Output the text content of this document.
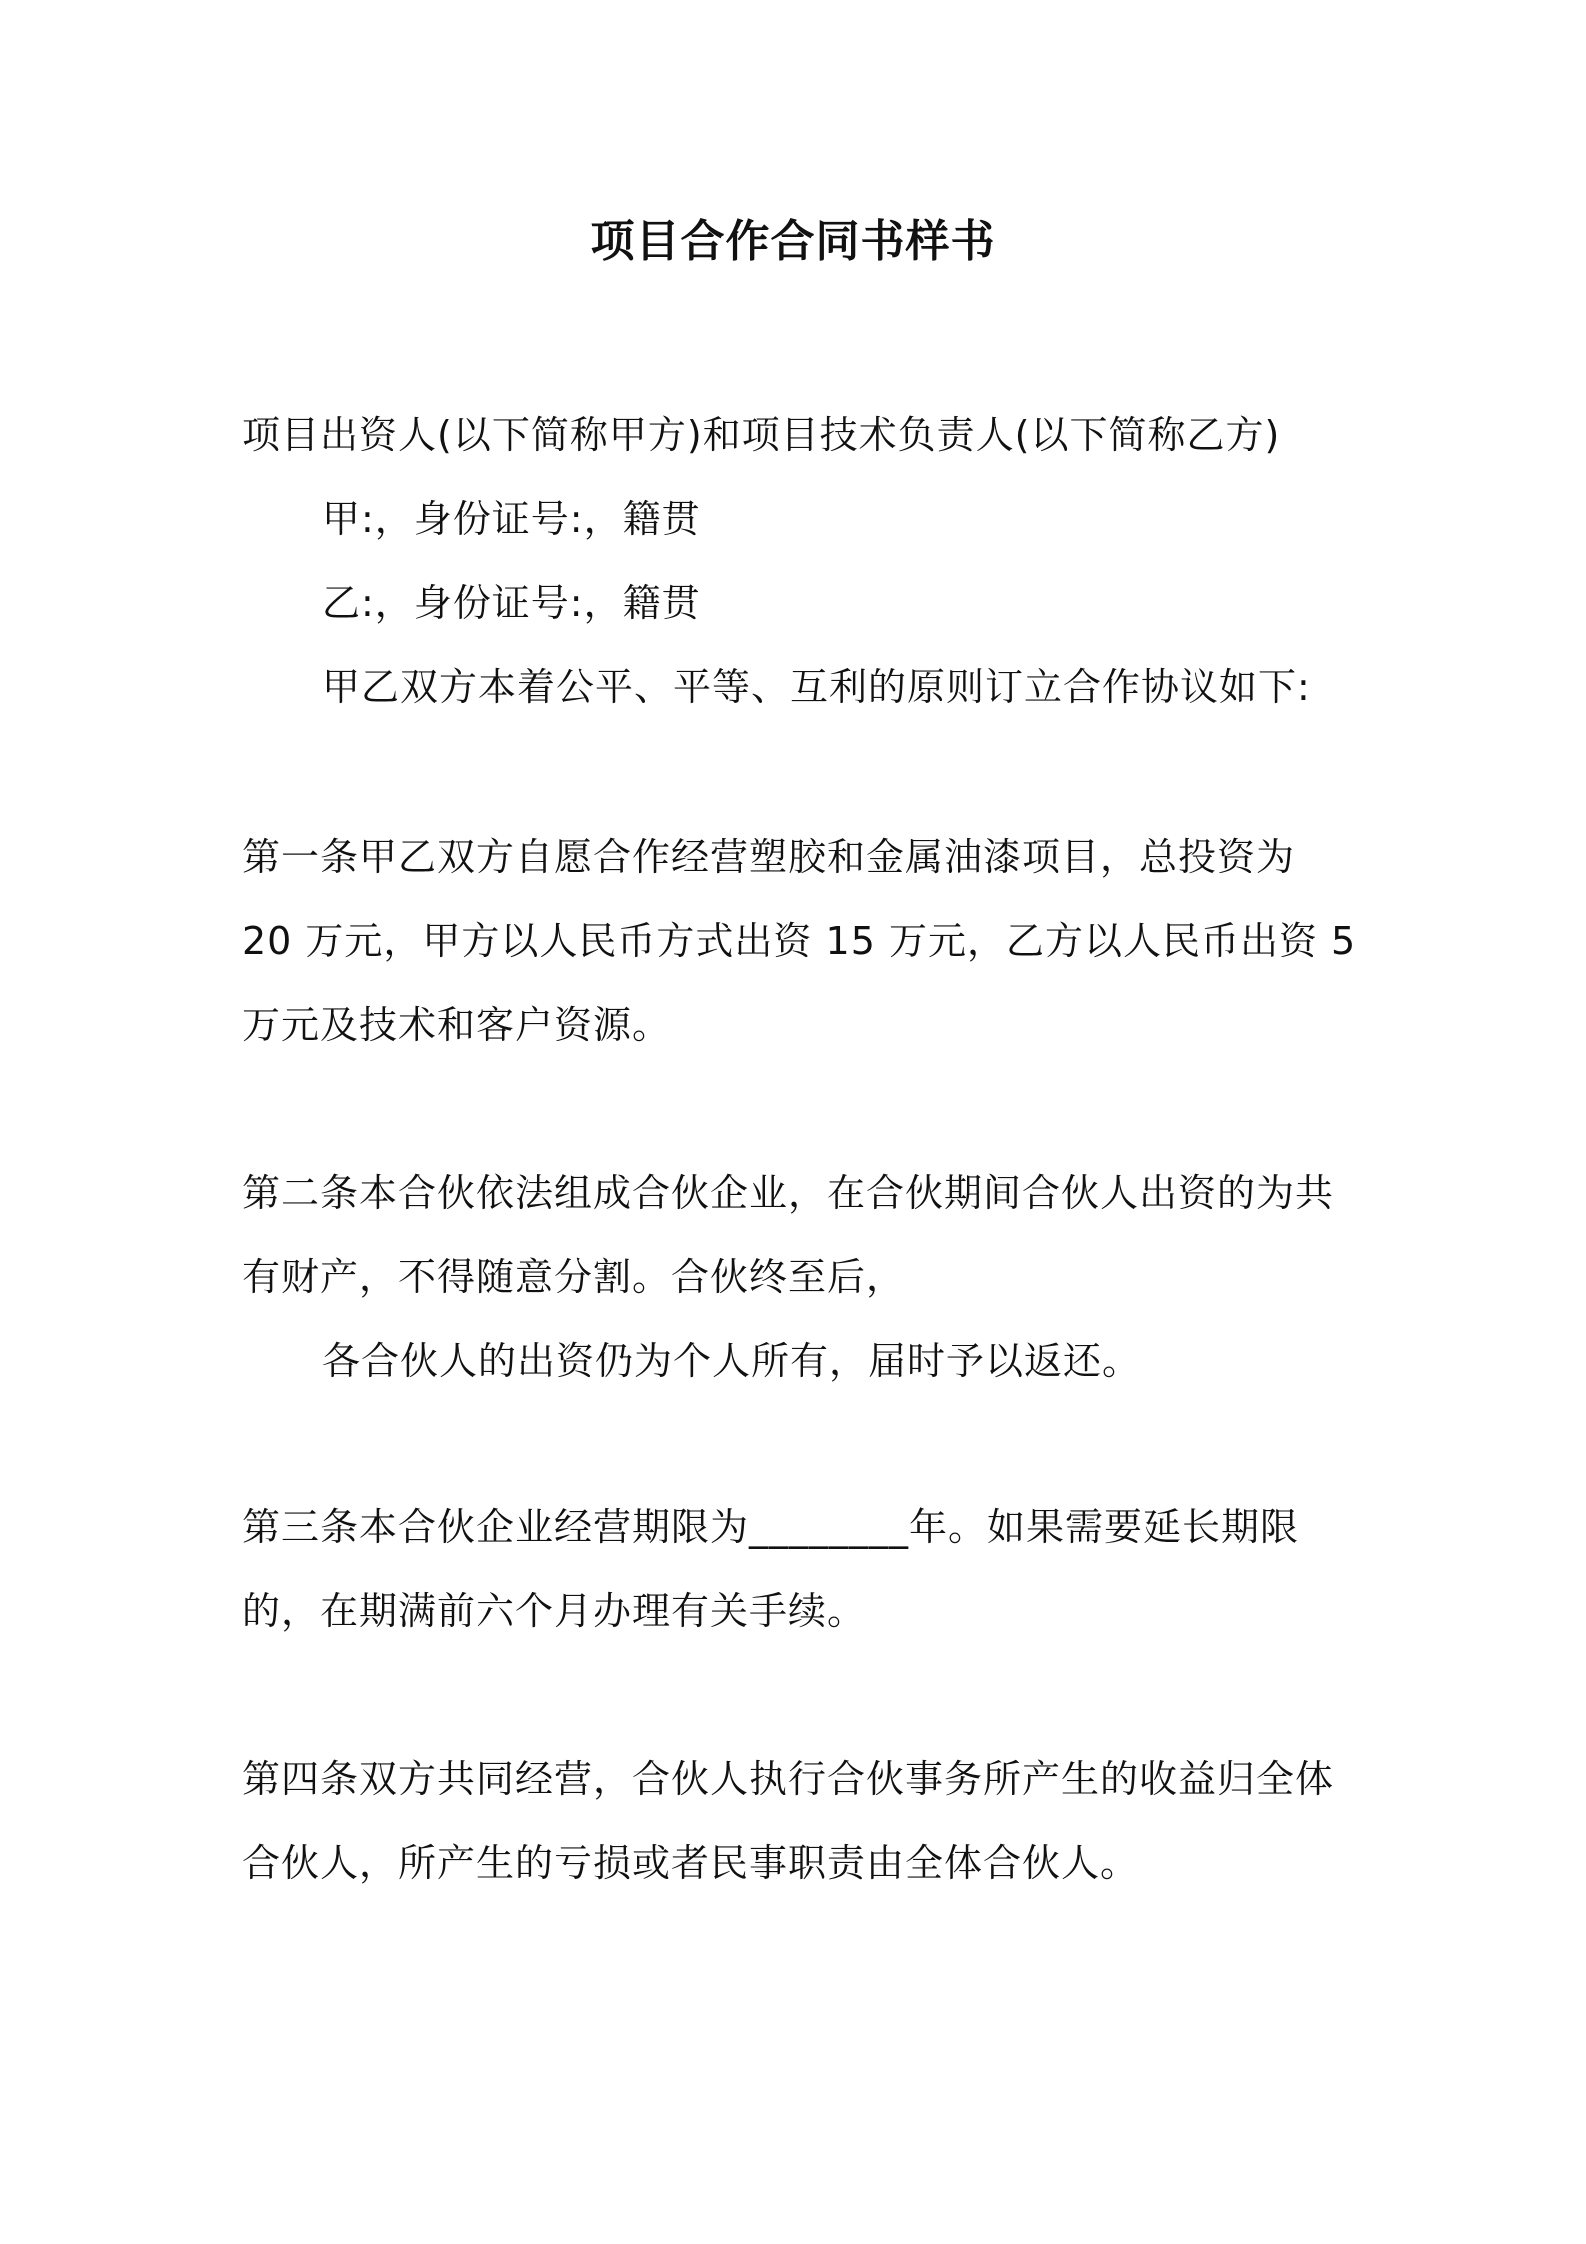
项目合作合同书样书
项目出资人(以下简称甲方)和项目技术负责人(以下简称乙方)
甲:，身份证号:，籍贯
乙:，身份证号:，籍贯
甲乙双方本着公平、平等、互利的原则订立合作协议如下:
第一条甲乙双方自愿合作经营塑胶和金属油漆项目，总投资为
20 万元，甲方以人民币方式出资 15 万元，乙方以人民币出资 5
万元及技术和客户资源。
第二条本合伙依法组成合伙企业，在合伙期间合伙人出资的为共
有财产，不得随意分割。合伙终至后，
各合伙人的出资仍为个人所有，届时予以返还。
第三条本合伙企业经营期限为________年。如果需要延长期限
的，在期满前六个月办理有关手续。
第四条双方共同经营，合伙人执行合伙事务所产生的收益归全体
合伙人，所产生的亏损或者民事职责由全体合伙人。
